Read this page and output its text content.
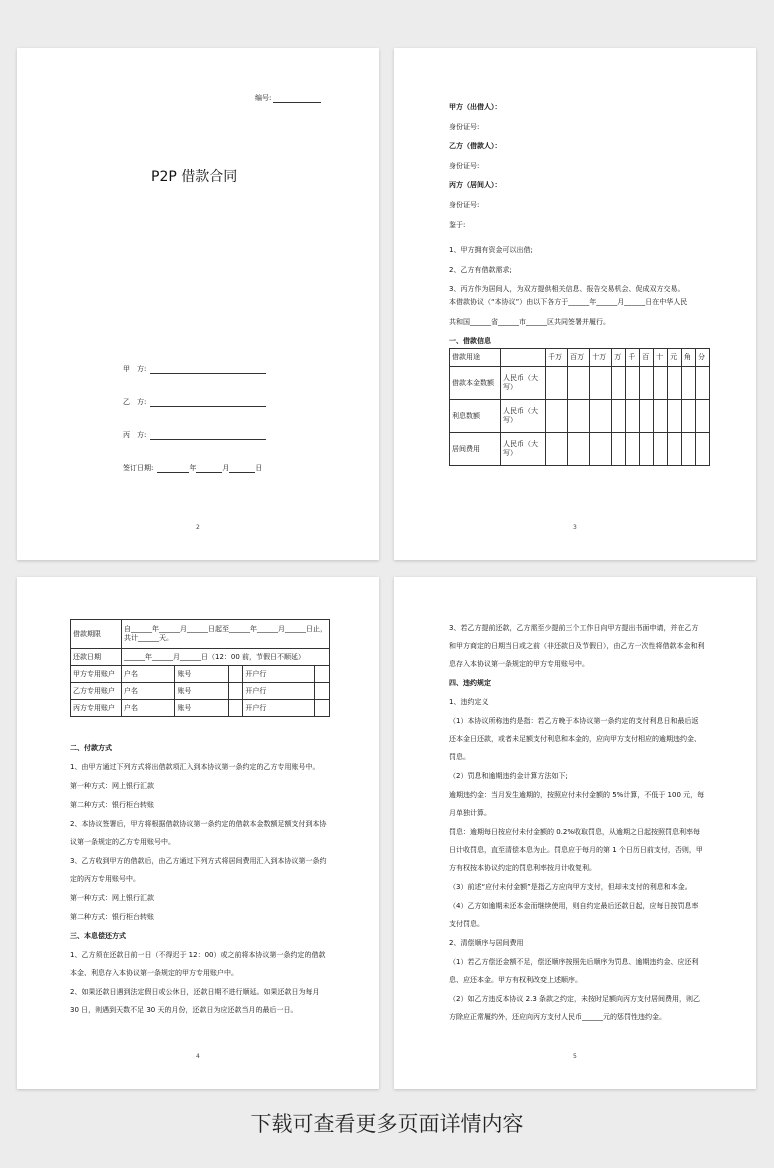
编号:
P2P 借款合同
甲　方:
乙　方:
丙　方:
签订日期:	年	月	日
2
甲方（出借人）：
身份证号:
乙方（借款人）：
身份证号:
丙方（居间人）：
身份证号:
鉴于:
1、甲方拥有资金可以出借;
2、乙方有借款需求;
3、丙方作为居间人，为双方提供相关信息、报告交易机会、促成双方交易。
本借款协议（“本协议”）由以下各方于______年______月______日在中华人民
共和国______省______市______区共同签署并履行。
一、借款信息
借款用途		千万	百万	十万	万	千	百	十	元	角	分
借款本金数额	人民币（大写）										
利息数额	人民币（大写）										
居间费用	人民币（大写）										
3
借款期限	自______年______月______日起至______年______月______日止，共计______天。				
还款日期	______年______月______日（12：00 前，节假日不顺延）				
甲方专用账户	户名	账号		开户行	
乙方专用账户	户名	账号		开户行	
丙方专用账户	户名	账号		开户行	
二、付款方式
1、由甲方通过下列方式将出借款项汇入到本协议第一条约定的乙方专用账号中。
第一种方式：网上银行汇款
第二种方式：银行柜台转账
2、本协议签署后，甲方将根据借款协议第一条约定的借款本金数额足额支付到本协议第一条规定的乙方专用账号中。
3、乙方收到甲方的借款后，由乙方通过下列方式将居间费用汇入到本协议第一条约定的丙方专用账号中。
第一种方式：网上银行汇款
第二种方式：银行柜台转账
三、本息偿还方式
1、乙方须在还款日前一日（不得迟于 12：00）或之前将本协议第一条约定的借款本金、利息存入本协议第一条规定的甲方专用账户中。
2、如果还款日遇到法定假日或公休日，还款日期不进行顺延。如果还款日为每月 30 日，则遇到天数不足 30 天的月份，还款日为应还款当月的最后一日。
4
3、若乙方提前还款，乙方需至少提前三个工作日向甲方提出书面申请，并在乙方和甲方商定的日期当日或之前（非还款日及节假日），由乙方一次性将借款本金和利息存入本协议第一条规定的甲方专用账号中。
四、违约规定
1、违约定义
（1）本协议所称违约是指：若乙方晚于本协议第一条约定的支付利息日和最后返还本金日还款，或者未足额支付利息和本金的，应向甲方支付相应的逾期违约金、罚息。
（2）罚息和逾期违约金计算方法如下;
逾期违约金：当月发生逾期的，按照应付未付金额的 5%计算，不低于 100 元，每月单独计算。
罚息：逾期每日按应付未付金额的 0.2%收取罚息，从逾期之日起按照罚息利率每日计收罚息，直至清偿本息为止。罚息应于每月的第 1 个日历日前支付，否则，甲方有权按本协议约定的罚息利率按月计收复利。
（3）前述“应付未付金额”是指乙方应向甲方支付，但却未支付的利息和本金。
（4）乙方如逾期未还本金而继续使用，则自约定最后还款日起，应每日按罚息率支付罚息。
2、清偿顺序与居间费用
（1）若乙方偿还金额不足，偿还顺序按照先后顺序为罚息、逾期违约金、应还利息、应还本金。甲方有权利改变上述顺序。
（2）如乙方违反本协议 2.3 条款之约定，未按时足额向丙方支付居间费用，则乙方除应正常履约外，还应向丙方支付人民币______元的惩罚性违约金。
5
下载可查看更多页面详情内容
